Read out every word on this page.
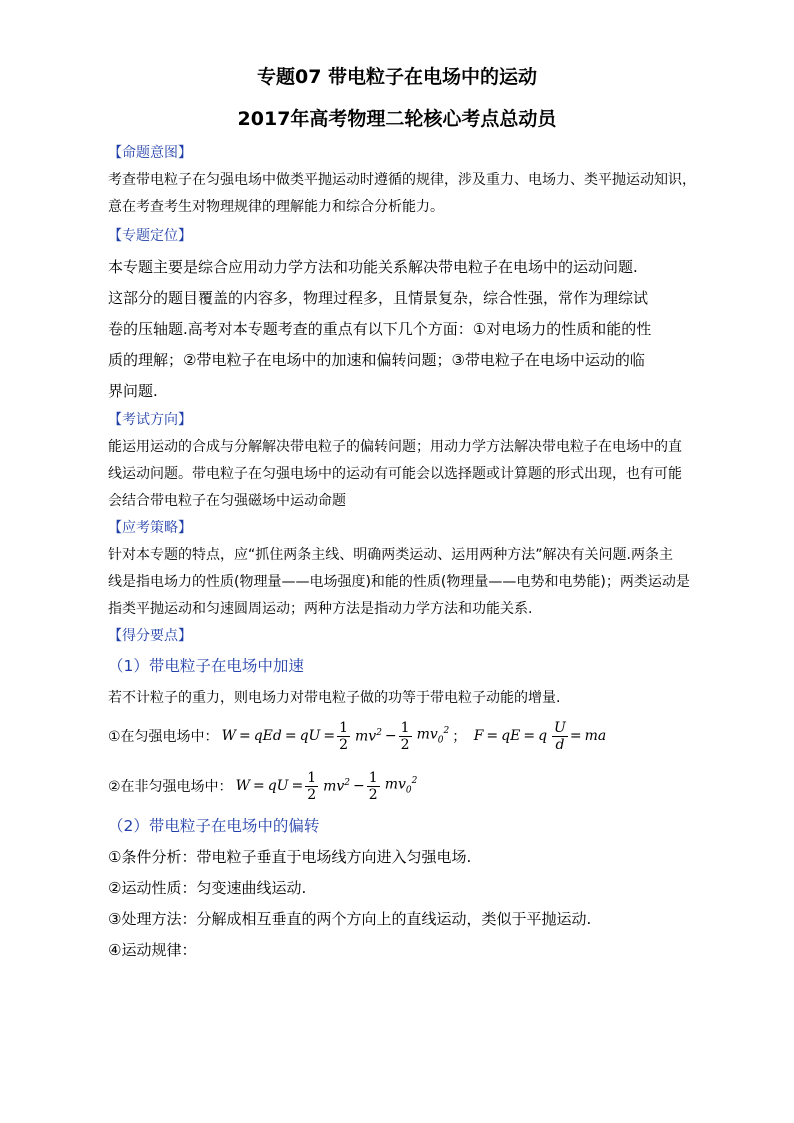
专题07 带电粒子在电场中的运动
2017年高考物理二轮核心考点总动员
【命题意图】
考查带电粒子在匀强电场中做类平抛运动时遵循的规律，涉及重力、电场力、类平抛运动知识，
意在考查考生对物理规律的理解能力和综合分析能力。
【专题定位】
本专题主要是综合应用动力学方法和功能关系解决带电粒子在电场中的运动问题.
这部分的题目覆盖的内容多，物理过程多，且情景复杂，综合性强，常作为理综试
卷的压轴题.高考对本专题考查的重点有以下几个方面：①对电场力的性质和能的性
质的理解；②带电粒子在电场中的加速和偏转问题；③带电粒子在电场中运动的临
界问题.
【考试方向】
能运用运动的合成与分解解决带电粒子的偏转问题；用动力学方法解决带电粒子在电场中的直
线运动问题。带电粒子在匀强电场中的运动有可能会以选择题或计算题的形式出现，也有可能
会结合带电粒子在匀强磁场中运动命题
【应考策略】
针对本专题的特点，应“抓住两条主线、明确两类运动、运用两种方法”解决有关问题.两条主
线是指电场力的性质(物理量——电场强度)和能的性质(物理量——电势和电势能)；两类运动是
指类平抛运动和匀速圆周运动；两种方法是指动力学方法和功能关系.
【得分要点】
（1）带电粒子在电场中加速
若不计粒子的重力，则电场力对带电粒子做的功等于带电粒子动能的增量.
①在匀强电场中： W = qEd = qU = $\frac{1}{2} mv^2 - \frac{1}{2} mv_0^2$ ； F = qE = q $\frac{U}{d}$ = ma
②在非匀强电场中： W = qU = $\frac{1}{2} mv^2 - \frac{1}{2} mv_0^2$
（2）带电粒子在电场中的偏转
①条件分析：带电粒子垂直于电场线方向进入匀强电场.
②运动性质：匀变速曲线运动.
③处理方法：分解成相互垂直的两个方向上的直线运动，类似于平抛运动.
④运动规律：
